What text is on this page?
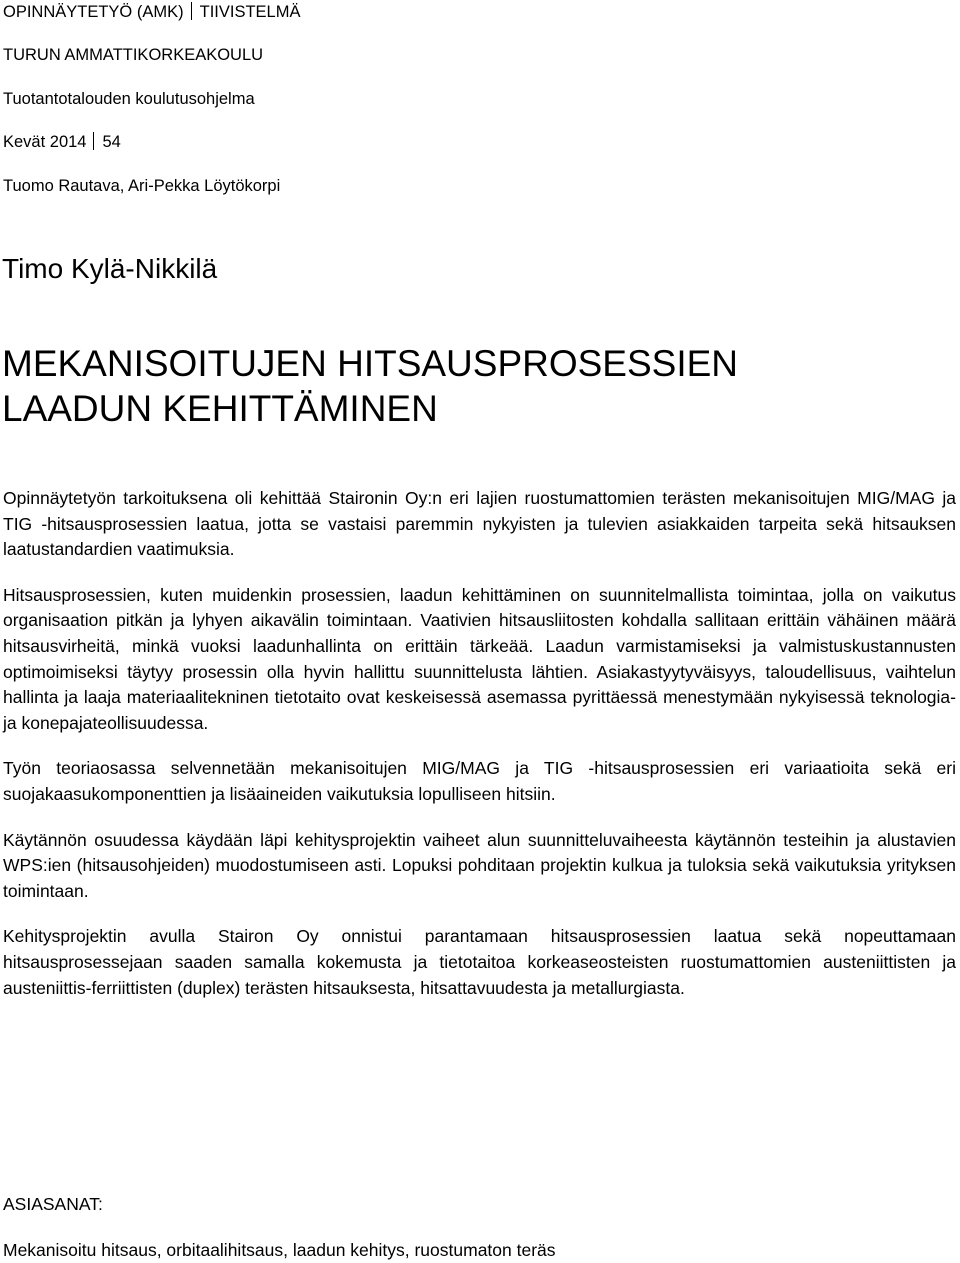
OPINNÄYTETYÖ (AMK) TIIVISTELMÄ
TURUN AMMATTIKORKEAKOULU
Tuotantotalouden koulutusohjelma
Kevät 2014 54
Tuomo Rautava, Ari-Pekka Löytökorpi
Timo Kylä-Nikkilä
MEKANISOITUJEN HITSAUSPROSESSIEN
LAADUN KEHITTÄMINEN

Opinnäytetyön tarkoituksena oli kehittää Staironin Oy:n eri lajien ruostumattomien terästen mekanisoitujen MIG/MAG ja TIG -hitsausprosessien laatua, jotta se vastaisi paremmin nykyisten ja tulevien asiakkaiden tarpeita sekä hitsauksen laatustandardien vaatimuksia.

Hitsausprosessien, kuten muidenkin prosessien, laadun kehittäminen on suunnitelmallista toimintaa, jolla on vaikutus organisaation pitkän ja lyhyen aikavälin toimintaan. Vaativien hitsausliitosten kohdalla sallitaan erittäin vähäinen määrä hitsausvirheitä, minkä vuoksi laadunhallinta on erittäin tärkeää. Laadun varmistamiseksi ja valmistuskustannusten optimoimiseksi täytyy prosessin olla hyvin hallittu suunnittelusta lähtien. Asiakastyytyväisyys, taloudellisuus, vaihtelun hallinta ja laaja materiaalitekninen tietotaito ovat keskeisessä asemassa pyrittäessä menestymään nykyisessä teknologia- ja konepajateollisuudessa.

Työn teoriaosassa selvennetään mekanisoitujen MIG/MAG ja TIG -hitsausprosessien eri variaatioita sekä eri suojakaasukomponenttien ja lisäaineiden vaikutuksia lopulliseen hitsiin.

Käytännön osuudessa käydään läpi kehitysprojektin vaiheet alun suunnitteluvaiheesta käytännön testeihin ja alustavien WPS:ien (hitsausohjeiden) muodostumiseen asti. Lopuksi pohditaan projektin kulkua ja tuloksia sekä vaikutuksia yrityksen toimintaan.

Kehitysprojektin avulla Stairon Oy onnistui parantamaan hitsausprosessien laatua sekä nopeuttamaan hitsausprosessejaan saaden samalla kokemusta ja tietotaitoa korkeaseosteisten ruostumattomien austeniittisten ja austeniittis-ferriittisten (duplex) terästen hitsauksesta, hitsattavuudesta ja metallurgiasta.

ASIASANAT:
Mekanisoitu hitsaus, orbitaalihitsaus, laadun kehitys, ruostumaton teräs
